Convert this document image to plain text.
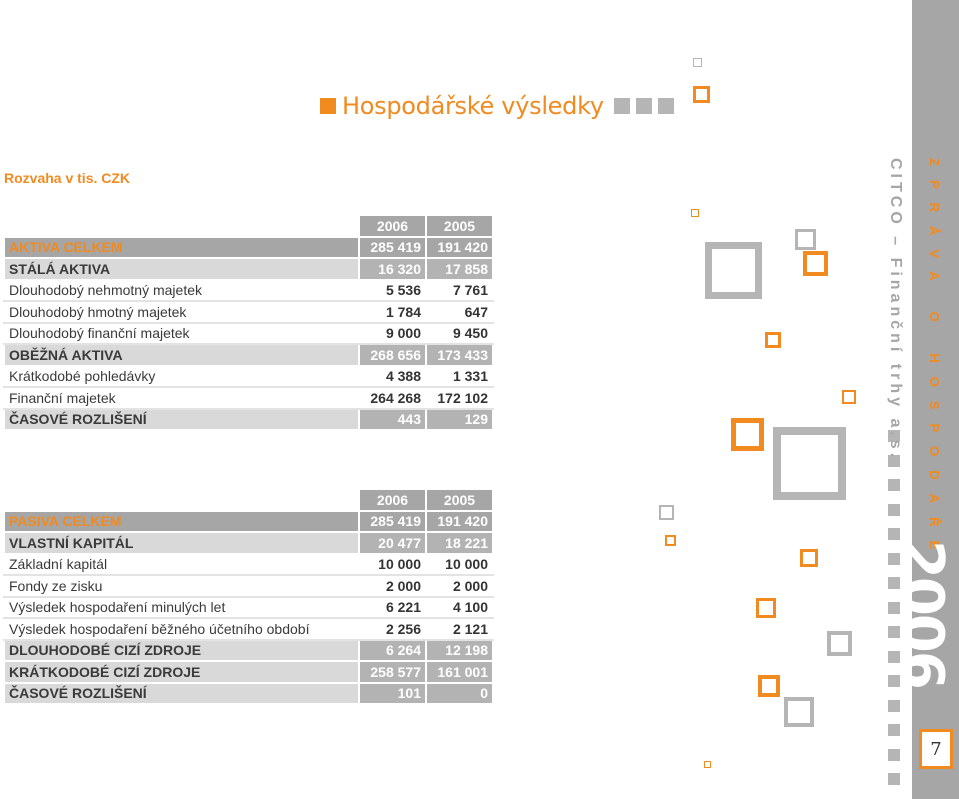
Hospodářské výsledky
Rozvaha v tis. CZK
	2006	2005
AKTIVA CELKEM	285 419	191 420
STÁLÁ AKTIVA	16 320	17 858
Dlouhodobý nehmotný majetek	5 536	7 761
Dlouhodobý hmotný majetek	1 784	647
Dlouhodobý finanční majetek	9 000	9 450
OBĚŽNÁ AKTIVA	268 656	173 433
Krátkodobé pohledávky	4 388	1 331
Finanční majetek	264 268	172 102
ČASOVÉ ROZLIŠENÍ	443	129
	2006	2005
PASIVA CELKEM	285 419	191 420
VLASTNÍ KAPITÁL	20 477	18 221
Základní kapitál	10 000	10 000
Fondy ze zisku	2 000	2 000
Výsledek hospodaření minulých let	6 221	4 100
Výsledek hospodaření běžného účetního období	2 256	2 121
DLOUHODOBÉ CIZÍ ZDROJE	6 264	12 198
KRÁTKODOBÉ CIZÍ ZDROJE	258 577	161 001
ČASOVÉ ROZLIŠENÍ	101	0
ZPRÁVA O HOSPODAŘENÍ
CITCO – Finanční trhy a.s.
2006
7
